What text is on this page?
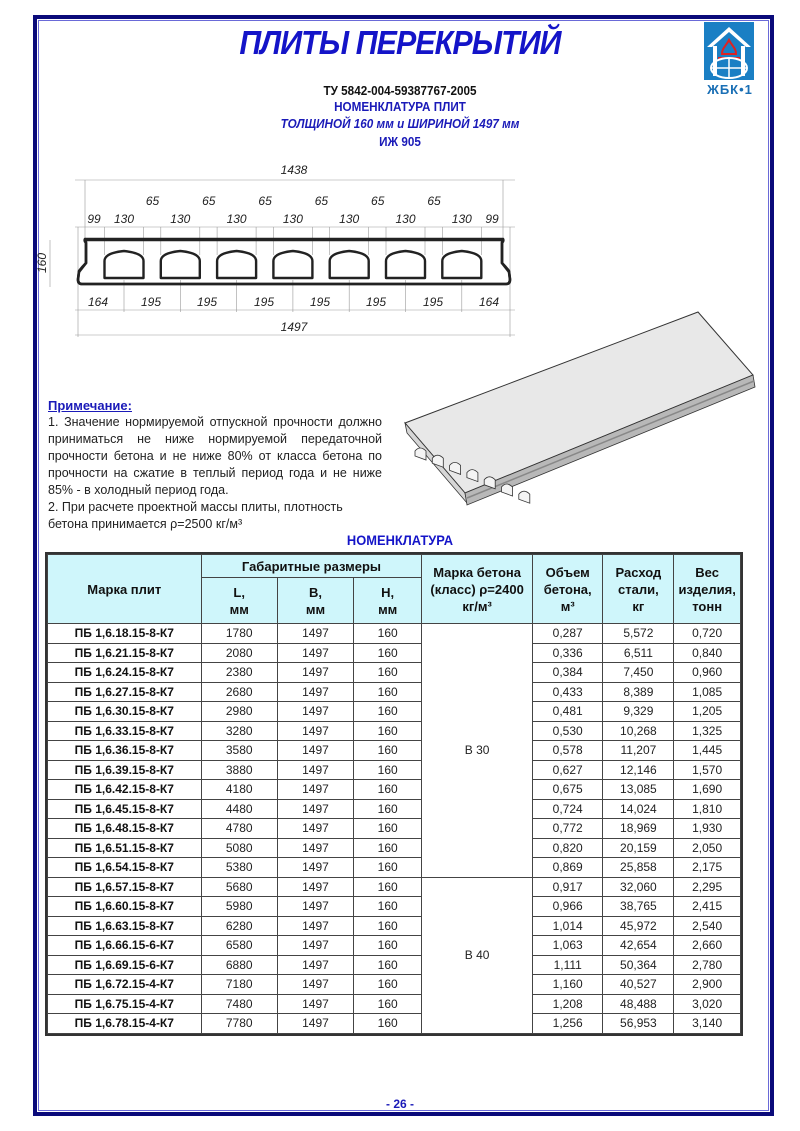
ПЛИТЫ ПЕРЕКРЫТИЙ
ЖБК•1
ТУ 5842-004-59387767-2005
НОМЕНКЛАТУРА ПЛИТ
ТОЛЩИНОЙ 160 мм и ШИРИНОЙ 1497 мм
ИЖ 905
1438
1497
160
99 130	130	130	130	130	130	130 99
65	65	65	65	65	65
164	195	195	195	195	195	195	164
Примечание:

1. Значение нормируемой отпускной прочности должно приниматься не ниже нормируемой передаточной прочности бетона и не ниже 80% от класса бетона по прочности на сжатие в теплый период года и не ниже 85% - в холодный период года.

2. При расчете проектной массы плиты, плотность бетона принимается ρ=2500 кг/м³

НОМЕНКЛАТУРА
Марка плит	Габаритные размеры			Марка бетона (класс) ρ=2400 кг/м³	Объем бетона, м³	Расход стали, кг	Вес изделия, тонн
	L, мм	B, мм	H, мм				
ПБ 1,6.18.15-8-К7	1780	1497	160	В 30	0,287	5,572	0,720
ПБ 1,6.21.15-8-К7	2080	1497	160		0,336	6,511	0,840
ПБ 1,6.24.15-8-К7	2380	1497	160		0,384	7,450	0,960
ПБ 1,6.27.15-8-К7	2680	1497	160		0,433	8,389	1,085
ПБ 1,6.30.15-8-К7	2980	1497	160		0,481	9,329	1,205
ПБ 1,6.33.15-8-К7	3280	1497	160		0,530	10,268	1,325
ПБ 1,6.36.15-8-К7	3580	1497	160		0,578	11,207	1,445
ПБ 1,6.39.15-8-К7	3880	1497	160		0,627	12,146	1,570
ПБ 1,6.42.15-8-К7	4180	1497	160		0,675	13,085	1,690
ПБ 1,6.45.15-8-К7	4480	1497	160		0,724	14,024	1,810
ПБ 1,6.48.15-8-К7	4780	1497	160		0,772	18,969	1,930
ПБ 1,6.51.15-8-К7	5080	1497	160		0,820	20,159	2,050
ПБ 1,6.54.15-8-К7	5380	1497	160		0,869	25,858	2,175
ПБ 1,6.57.15-8-К7	5680	1497	160	В 40	0,917	32,060	2,295
ПБ 1,6.60.15-8-К7	5980	1497	160		0,966	38,765	2,415
ПБ 1,6.63.15-8-К7	6280	1497	160		1,014	45,972	2,540
ПБ 1,6.66.15-6-К7	6580	1497	160		1,063	42,654	2,660
ПБ 1,6.69.15-6-К7	6880	1497	160		1,111	50,364	2,780
ПБ 1,6.72.15-4-К7	7180	1497	160		1,160	40,527	2,900
ПБ 1,6.75.15-4-К7	7480	1497	160		1,208	48,488	3,020
ПБ 1,6.78.15-4-К7	7780	1497	160		1,256	56,953	3,140
- 26 -
